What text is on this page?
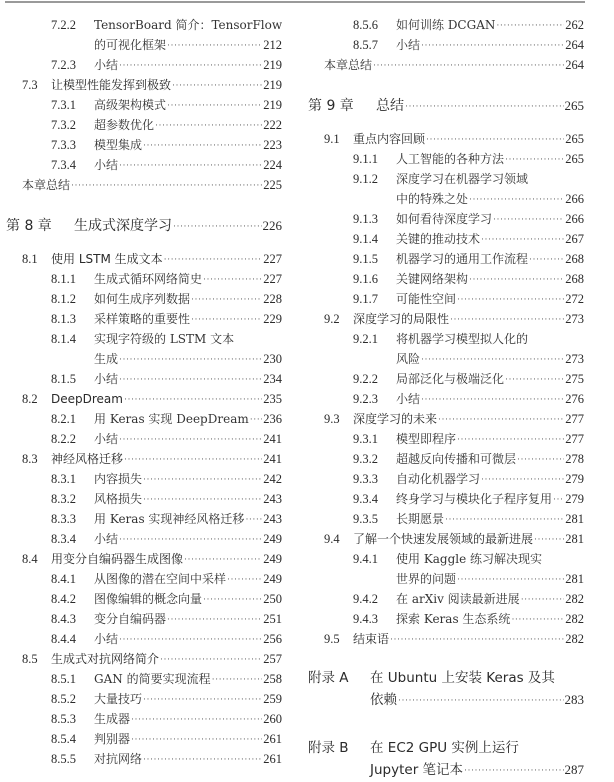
7.2.2 TensorBoard 简介：TensorFlow
的可视化框架 ·····	212
7.2.3 小结 ·····	219
7.3 让模型性能发挥到极致 ·····	219
7.3.1 高级架构模式 ·····	219
7.3.2 超参数优化 ·····	222
7.3.3 模型集成 ·····	223
7.3.4 小结 ·····	224
本章总结 ·····	225
第 8 章 生成式深度学习 ·····	226
8.1 使用 LSTM 生成文本 ·····	227
8.1.1 生成式循环网络简史 ·····	227
8.1.2 如何生成序列数据 ·····	228
8.1.3 采样策略的重要性 ·····	229
8.1.4 实现字符级的 LSTM 文本
生成 ·····	230
8.1.5 小结 ·····	234
8.2 DeepDream ·····	235
8.2.1 用 Keras 实现 DeepDream ····· 236
8.2.2 小结 ·····	241
8.3 神经风格迁移 ·····	241
8.3.1 内容损失 ·····	242
8.3.2 风格损失 ·····	243
8.3.3 用 Keras 实现神经风格迁移 ····· 243
8.3.4 小结 ·····	249
8.4 用变分自编码器生成图像 ·····	249
8.4.1 从图像的潜在空间中采样 ·····	249
8.4.2 图像编辑的概念向量 ·····	250
8.4.3 变分自编码器 ·····	251
8.4.4 小结 ·····	256
8.5 生成式对抗网络简介 ·····	257
8.5.1 GAN 的简要实现流程 ·····	258
8.5.2 大量技巧 ·····	259
8.5.3 生成器 ·····	260
8.5.4 判别器 ·····	261
8.5.5 对抗网络 ·····	261
8.5.6 如何训练 DCGAN ·····	262
8.5.7 小结 ·····	264
本章总结 ·····	264
第 9 章 总结 ·····	265
9.1 重点内容回顾 ·····	265
9.1.1 人工智能的各种方法 ·····	265
9.1.2 深度学习在机器学习领域
中的特殊之处 ·····	266
9.1.3 如何看待深度学习 ·····	266
9.1.4 关键的推动技术 ·····	267
9.1.5 机器学习的通用工作流程 ·····	268
9.1.6 关键网络架构 ·····	268
9.1.7 可能性空间 ·····	272
9.2 深度学习的局限性 ·····	273
9.2.1 将机器学习模型拟人化的
风险 ·····	273
9.2.2 局部泛化与极端泛化 ·····	275
9.2.3 小结 ·····	276
9.3 深度学习的未来 ·····	277
9.3.1 模型即程序 ·····	277
9.3.2 超越反向传播和可微层 ·····	278
9.3.3 自动化机器学习 ·····	279
9.3.4 终身学习与模块化子程序复用 ····· 279
9.3.5 长期愿景 ·····	281
9.4 了解一个快速发展领域的最新进展 ·····	281
9.4.1 使用 Kaggle 练习解决现实
世界的问题 ·····	281
9.4.2 在 arXiv 阅读最新进展 ·····	282
9.4.3 探索 Keras 生态系统 ·····	282
9.5 结束语 ·····	282
附录 A 在 Ubuntu 上安装 Keras 及其
依赖 ·····	283
附录 B 在 EC2 GPU 实例上运行
Jupyter 笔记本 ·····	287
